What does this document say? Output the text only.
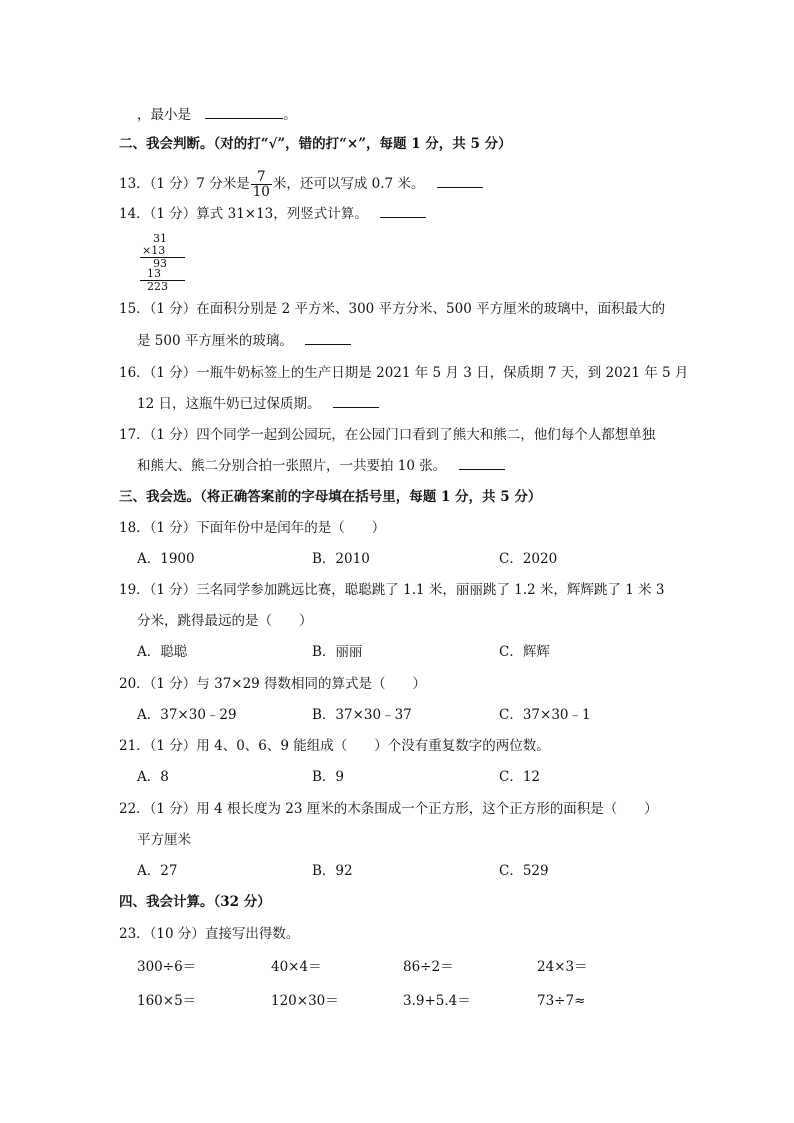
，最小是	。
二、我会判断。（对的打“√”，错的打“×”，每题 1 分，共 5 分）
13．（1 分）7 分米是 $\frac{7}{10}$ 米，还可以写成 0.7 米。
14．（1 分）算式 31×13，列竖式计算。
31
×13
93
13
223
15．（1 分）在面积分别是 2 平方米、300 平方分米、500 平方厘米的玻璃中，面积最大的
是 500 平方厘米的玻璃。
16．（1 分）一瓶牛奶标签上的生产日期是 2021 年 5 月 3 日，保质期 7 天，到 2021 年 5 月
12 日，这瓶牛奶已过保质期。
17．（1 分）四个同学一起到公园玩，在公园门口看到了熊大和熊二，他们每个人都想单独
和熊大、熊二分别合拍一张照片，一共要拍 10 张。
三、我会选。（将正确答案前的字母填在括号里，每题 1 分，共 5 分）
18．（1 分）下面年份中是闰年的是（　　）
A．1900	B．2010	C．2020
19．（1 分）三名同学参加跳远比赛，聪聪跳了 1.1 米，丽丽跳了 1.2 米，辉辉跳了 1 米 3
分米，跳得最远的是（　　）
A．聪聪	B．丽丽	C．辉辉
20．（1 分）与 37×29 得数相同的算式是（　　）
A．37×30﹣29	B．37×30﹣37	C．37×30﹣1
21．（1 分）用 4、0、6、9 能组成（　　）个没有重复数字的两位数。
A．8	B．9	C．12
22．（1 分）用 4 根长度为 23 厘米的木条围成一个正方形，这个正方形的面积是（　　）
平方厘米
A．27	B．92	C．529
四、我会计算。（32 分）
23．（10 分）直接写出得数。
300÷6＝	40×4＝	86÷2＝	24×3＝
160×5＝	120×30＝	3.9+5.4＝	73÷7≈
